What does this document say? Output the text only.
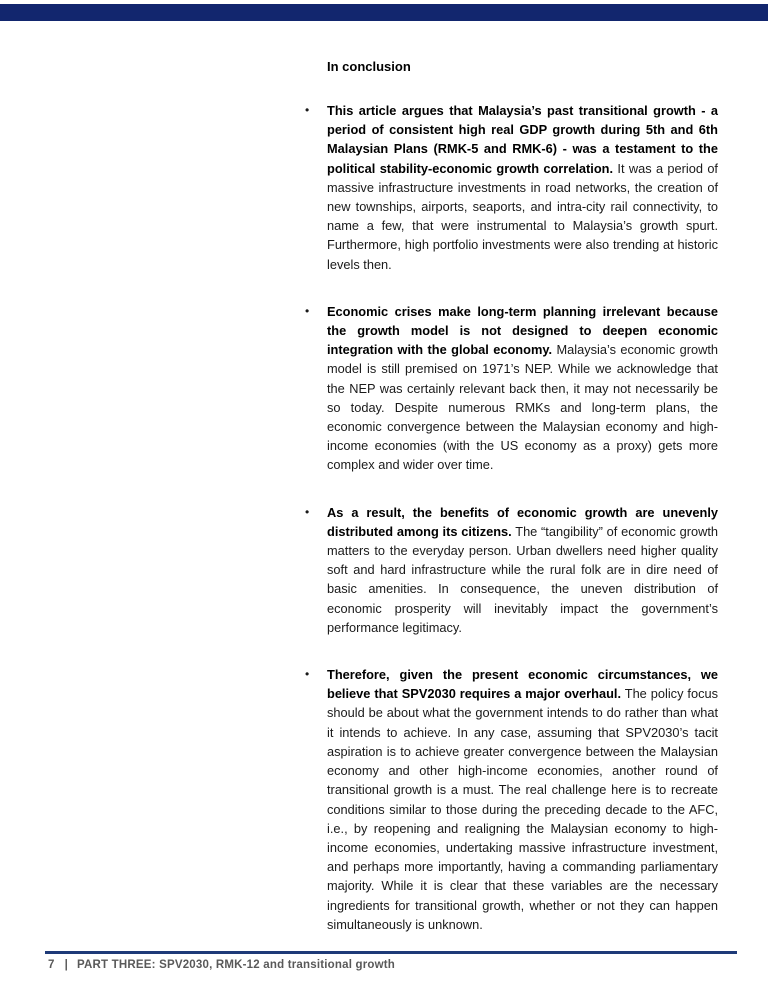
In conclusion
•	This article argues that Malaysia’s past transitional growth - a period of consistent high real GDP growth during 5th and 6th Malaysian Plans (RMK-5 and RMK-6) - was a testament to the political stability-economic growth correlation. It was a period of massive infrastructure investments in road networks, the creation of new townships, airports, seaports, and intra-city rail connectivity, to name a few, that were instrumental to Malaysia’s growth spurt. Furthermore, high portfolio investments were also trending at historic levels then.
•	Economic crises make long-term planning irrelevant because the growth model is not designed to deepen economic integration with the global economy. Malaysia’s economic growth model is still premised on 1971’s NEP. While we acknowledge that the NEP was certainly relevant back then, it may not necessarily be so today. Despite numerous RMKs and long-term plans, the economic convergence between the Malaysian economy and high-income economies (with the US economy as a proxy) gets more complex and wider over time.
•	As a result, the benefits of economic growth are unevenly distributed among its citizens. The “tangibility” of economic growth matters to the everyday person. Urban dwellers need higher quality soft and hard infrastructure while the rural folk are in dire need of basic amenities. In consequence, the uneven distribution of economic prosperity will inevitably impact the government’s performance legitimacy.
•	Therefore, given the present economic circumstances, we believe that SPV2030 requires a major overhaul. The policy focus should be about what the government intends to do rather than what it intends to achieve. In any case, assuming that SPV2030’s tacit aspiration is to achieve greater convergence between the Malaysian economy and other high-income economies, another round of transitional growth is a must. The real challenge here is to recreate conditions similar to those during the preceding decade to the AFC, i.e., by reopening and realigning the Malaysian economy to high-income economies, undertaking massive infrastructure investment, and perhaps more importantly, having a commanding parliamentary majority. While it is clear that these variables are the necessary ingredients for transitional growth, whether or not they can happen simultaneously is unknown.
7 | PART THREE: SPV2030, RMK-12 and transitional growth
